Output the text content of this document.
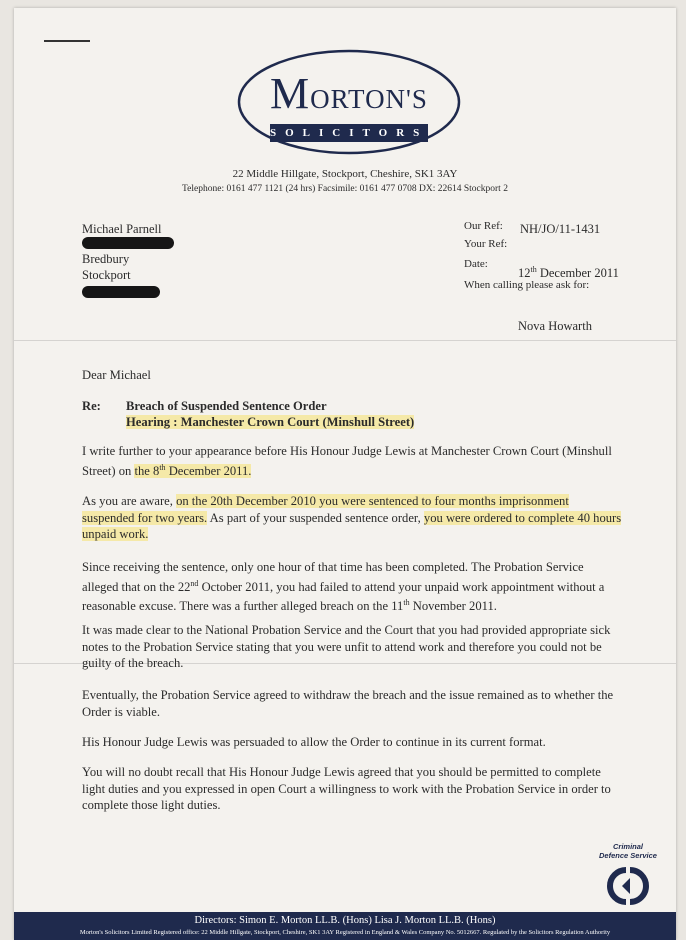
MORTON'S
SOLICITORS
22 Middle Hillgate, Stockport, Cheshire, SK1 3AY
Telephone: 0161 477 1121 (24 hrs) Facsimile: 0161 477 0708 DX: 22614 Stockport 2
Michael Parnell
Bredbury
Stockport
Our Ref: NH/JO/11-1431
Your Ref:
Date:
12th December 2011
When calling please ask for:
Nova Howarth
Dear Michael
Re:	Breach of Suspended Sentence Order
Hearing : Manchester Crown Court (Minshull Street)
I write further to your appearance before His Honour Judge Lewis at Manchester Crown Court (Minshull Street) on the 8th December 2011.
As you are aware, on the 20th December 2010 you were sentenced to four months imprisonment suspended for two years. As part of your suspended sentence order, you were ordered to complete 40 hours unpaid work.
Since receiving the sentence, only one hour of that time has been completed. The Probation Service alleged that on the 22nd October 2011, you had failed to attend your unpaid work appointment without a reasonable excuse. There was a further alleged breach on the 11th November 2011.
It was made clear to the National Probation Service and the Court that you had provided appropriate sick notes to the Probation Service stating that you were unfit to attend work and therefore you could not be guilty of the breach.
Eventually, the Probation Service agreed to withdraw the breach and the issue remained as to whether the Order is viable.
His Honour Judge Lewis was persuaded to allow the Order to continue in its current format.
You will no doubt recall that His Honour Judge Lewis agreed that you should be permitted to complete light duties and you expressed in open Court a willingness to work with the Probation Service in order to complete those light duties.
Criminal
Defence Service
Directors: Simon E. Morton LL.B. (Hons) Lisa J. Morton LL.B. (Hons)
Morton's Solicitors Limited Registered office: 22 Middle Hillgate, Stockport, Cheshire, SK1 3AY Registered in England & Wales Company No. 5012667. Regulated by the Solicitors Regulation Authority
